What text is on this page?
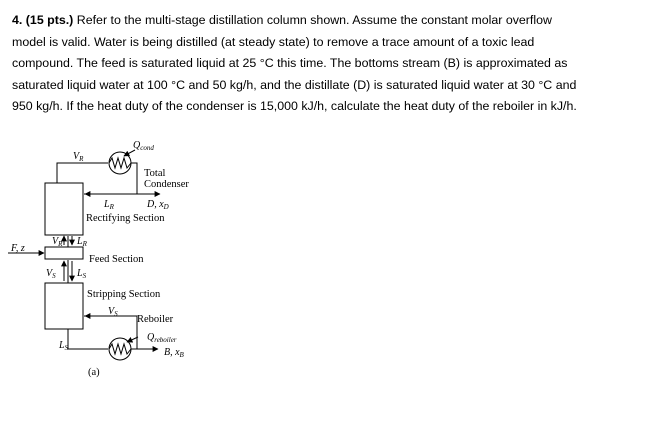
4. (15 pts.) Refer to the multi-stage distillation column shown. Assume the constant molar overflow
model is valid. Water is being distilled (at steady state) to remove a trace amount of a toxic lead
compound. The feed is saturated liquid at 25 °C this time. The bottoms stream (B) is approximated as
saturated liquid water at 100 °C and 50 kg/h, and the distillate (D) is saturated liquid water at 30 °C and
950 kg/h. If the heat duty of the condenser is 15,000 kJ/h, calculate the heat duty of the reboiler in kJ/h.
$Q_{cond}$
$V_R$
Total
Condenser
$L_R$	D, $x_D$
Rectifying Section
$V_R$ $L_R$
F, z
Feed Section
$V_S$ $L_S$
Stripping Section
$V_S$ Reboiler
$Q_{reboiler}$
$L_S$	B, $x_B$
(a)
